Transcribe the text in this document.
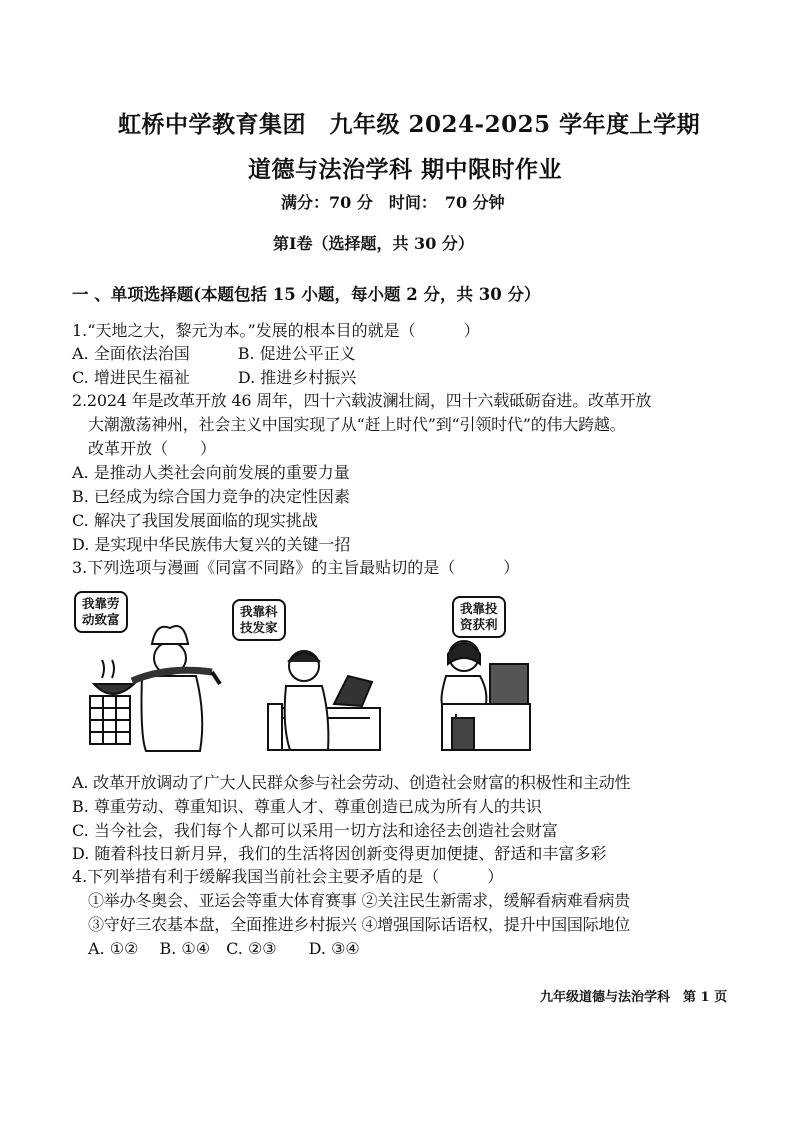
虹桥中学教育集团　九年级 2024-2025 学年度上学期
道德与法治学科 期中限时作业
满分：70 分　时间：　70 分钟
第Ⅰ卷（选择题，共 30 分）
一 、单项选择题(本题包括 15 小题，每小题 2 分，共 30 分）
1.“天地之大，黎元为本。”发展的根本目的就是（　　　）
A. 全面依法治国　　　B. 促进公平正义
C. 增进民生福祉　　　D. 推进乡村振兴
2.2024 年是改革开放 46 周年，四十六载波澜壮阔，四十六载砥砺奋进。改革开放
大潮激荡神州，社会主义中国实现了从“赶上时代”到“引领时代”的伟大跨越。
改革开放（　　）
A. 是推动人类社会向前发展的重要力量
B. 已经成为综合国力竞争的决定性因素
C. 解决了我国发展面临的现实挑战
D. 是实现中华民族伟大复兴的关键一招
3.下列选项与漫画《同富不同路》的主旨最贴切的是（　　　）
我靠劳
动致富
我靠科
技发家
我靠投
资获利
A. 改革开放调动了广大人民群众参与社会劳动、创造社会财富的积极性和主动性
B. 尊重劳动、尊重知识、尊重人才、尊重创造已成为所有人的共识
C. 当今社会，我们每个人都可以采用一切方法和途径去创造社会财富
D. 随着科技日新月异，我们的生活将因创新变得更加便捷、舒适和丰富多彩
4.下列举措有利于缓解我国当前社会主要矛盾的是（　　　）
①举办冬奥会、亚运会等重大体育赛事 ②关注民生新需求，缓解看病难看病贵
③守好三农基本盘，全面推进乡村振兴 ④增强国际话语权，提升中国国际地位
A. ①②　 B. ①④　C. ②③　　D. ③④
九年级道德与法治学科　第 1 页
